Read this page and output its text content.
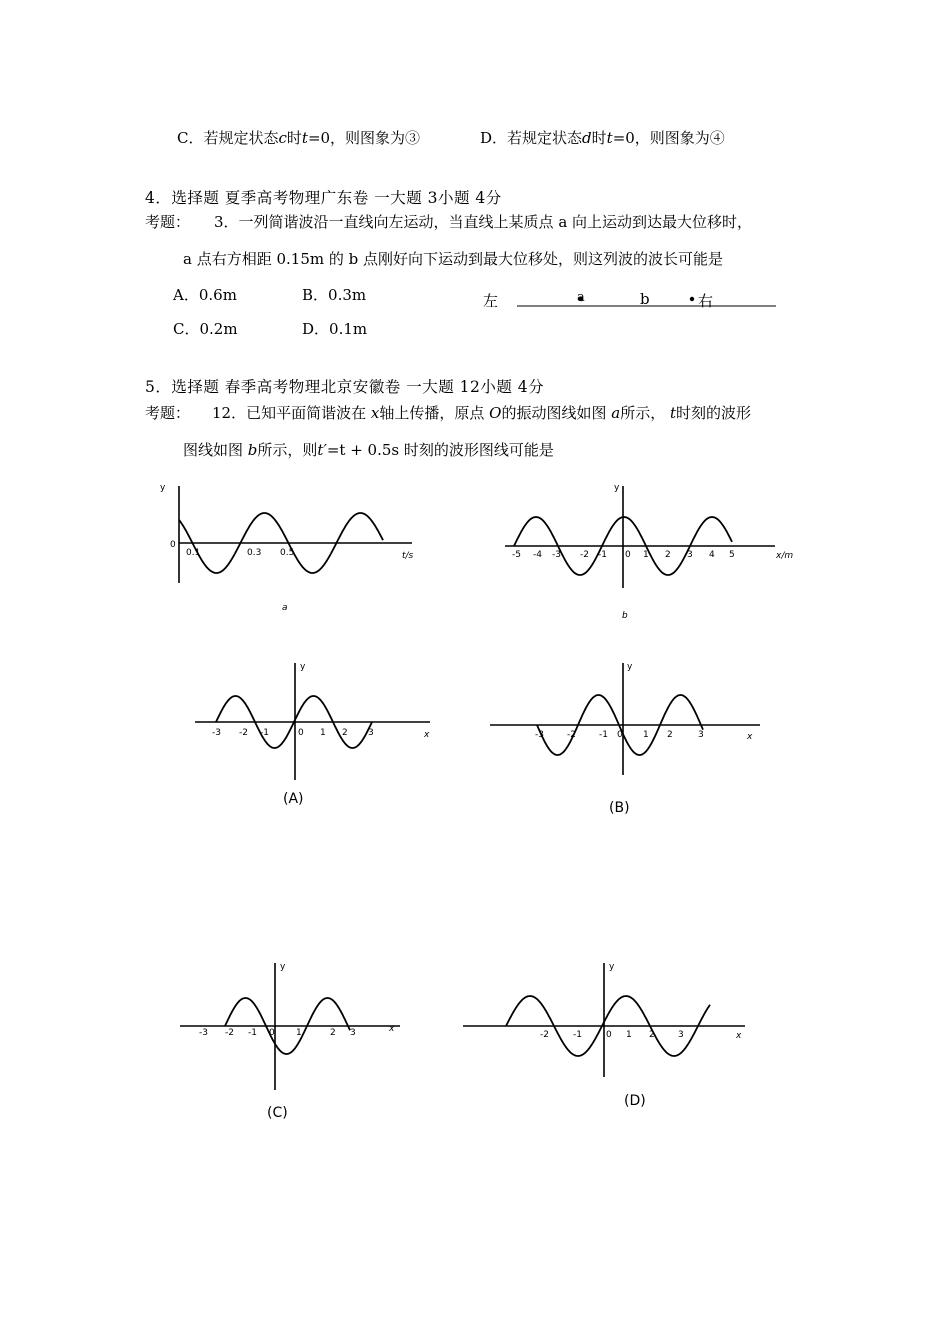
C．若规定状态c时t=0，则图象为③	D．若规定状态d时t=0，则图象为④
4．选择题 夏季高考物理广东卷 一大题 3小题 4分
考题： 3．一列简谐波沿一直线向左运动，当直线上某质点 a 向上运动到达最大位移时，
a 点右方相距 0.15m 的 b 点刚好向下运动到最大位移处，则这列波的波长可能是
A．0.6m	B．0.3m
C．0.2m	D．0.1m
左	a	b	右
5．选择题 春季高考物理北京安徽卷 一大题 12小题 4分
考题： 12．已知平面简谐波在 x轴上传播，原点 O的振动图线如图 a所示， t时刻的波形
图线如图 b所示，则t′=t + 0.5s 时刻的波形图线可能是
y
0
t/s
0.1	0.3 0.5
a
y
x/m
-5 -4 -3 -2 -1 0 1 2 3 4 5
b
y
x
-3 -2 -1	0 1 2 3
(A)
y
x
-3	-2	-1 0 1 2	3
(B)
y
x
-3 -2 -1 0 1	2 3
(C)
y
x
-2	-1	0 1 2	3
(D)
